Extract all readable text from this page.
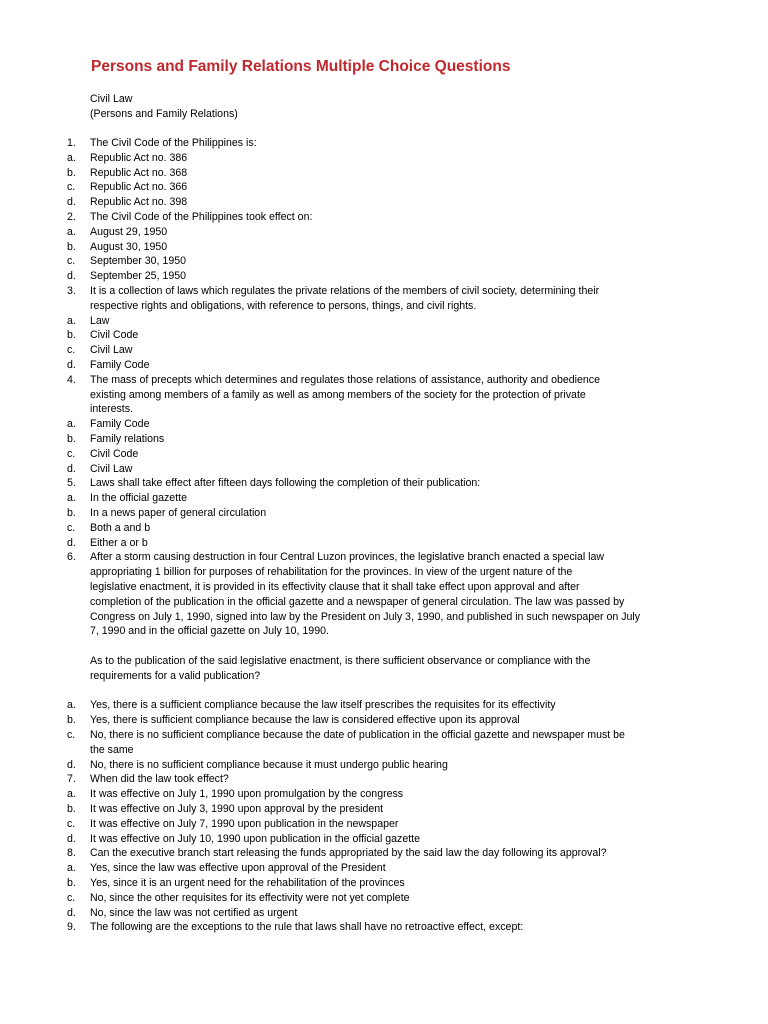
Persons and Family Relations Multiple Choice Questions
Civil Law
(Persons and Family Relations)
1. The Civil Code of the Philippines is:
a. Republic Act no. 386
b. Republic Act no. 368
c. Republic Act no. 366
d. Republic Act no. 398
2. The Civil Code of the Philippines took effect on:
a. August 29, 1950
b. August 30, 1950
c. September 30, 1950
d. September 25, 1950
3. It is a collection of laws which regulates the private relations of the members of civil society, determining their
respective rights and obligations, with reference to persons, things, and civil rights.
a. Law
b. Civil Code
c. Civil Law
d. Family Code
4. The mass of precepts which determines and regulates those relations of assistance, authority and obedience
existing among members of a family as well as among members of the society for the protection of private
interests.
a. Family Code
b. Family relations
c. Civil Code
d. Civil Law
5. Laws shall take effect after fifteen days following the completion of their publication:
a. In the official gazette
b. In a news paper of general circulation
c. Both a and b
d. Either a or b
6. After a storm causing destruction in four Central Luzon provinces, the legislative branch enacted a special law
appropriating 1 billion for purposes of rehabilitation for the provinces. In view of the urgent nature of the
legislative enactment, it is provided in its effectivity clause that it shall take effect upon approval and after
completion of the publication in the official gazette and a newspaper of general circulation. The law was passed by
Congress on July 1, 1990, signed into law by the President on July 3, 1990, and published in such newspaper on July
7, 1990 and in the official gazette on July 10, 1990.
As to the publication of the said legislative enactment, is there sufficient observance or compliance with the
requirements for a valid publication?
a. Yes, there is a sufficient compliance because the law itself prescribes the requisites for its effectivity
b. Yes, there is sufficient compliance because the law is considered effective upon its approval
c. No, there is no sufficient compliance because the date of publication in the official gazette and newspaper must be
the same
d. No, there is no sufficient compliance because it must undergo public hearing
7. When did the law took effect?
a. It was effective on July 1, 1990 upon promulgation by the congress
b. It was effective on July 3, 1990 upon approval by the president
c. It was effective on July 7, 1990 upon publication in the newspaper
d. It was effective on July 10, 1990 upon publication in the official gazette
8. Can the executive branch start releasing the funds appropriated by the said law the day following its approval?
a. Yes, since the law was effective upon approval of the President
b. Yes, since it is an urgent need for the rehabilitation of the provinces
c. No, since the other requisites for its effectivity were not yet complete
d. No, since the law was not certified as urgent
9. The following are the exceptions to the rule that laws shall have no retroactive effect, except:
